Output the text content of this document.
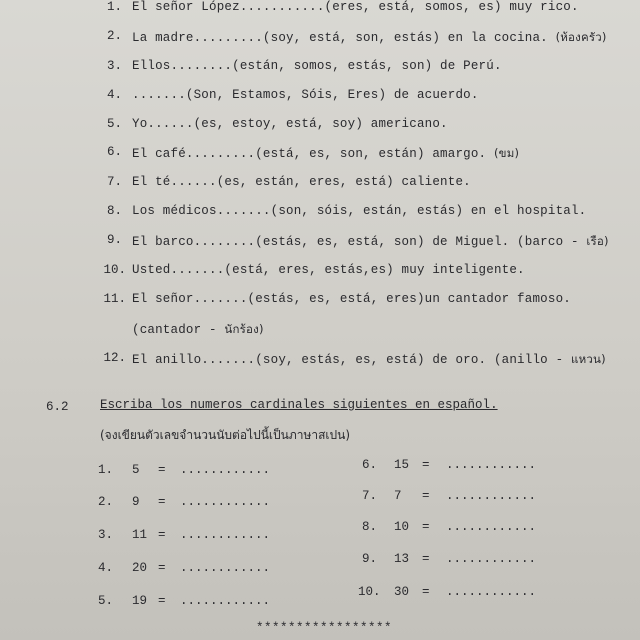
1. El señor López...........(eres, está, somos, es) muy rico.
2. La madre.........(soy, está, son, estás) en la cocina. (ห้องครัว)
3. Ellos........(están, somos, estás, son) de Perú.
4. .......(Son, Estamos, Sóis, Eres) de acuerdo.
5. Yo......(es, estoy, está, soy) americano.
6. El café.........(está, es, son, están) amargo. (ขม)
7. El té......(es, están, eres, está) caliente.
8. Los médicos.......(son, sóis, están, estás) en el hospital.
9. El barco........(estás, es, está, son) de Miguel. (barco - เรือ)
10. Usted.......(está, eres, estás,es) muy inteligente.
11. El señor.......(estás, es, está, eres)un cantador famoso.
(cantador - นักร้อง)
12. El anillo.......(soy, estás, es, está) de oro. (anillo - แหวน)
6.2	Escriba los numeros cardinales siguientes en español.
(จงเขียนตัวเลขจำนวนนับต่อไปนี้เป็นภาษาสเปน)
1. 5 = ............
2. 9 = ............
3. 11 = ............
4. 20 = ............
5. 19 = ............
6. 15 = ............
7. 7 = ............
8. 10 = ............
9. 13 = ............
10. 30 = ............
*****************
